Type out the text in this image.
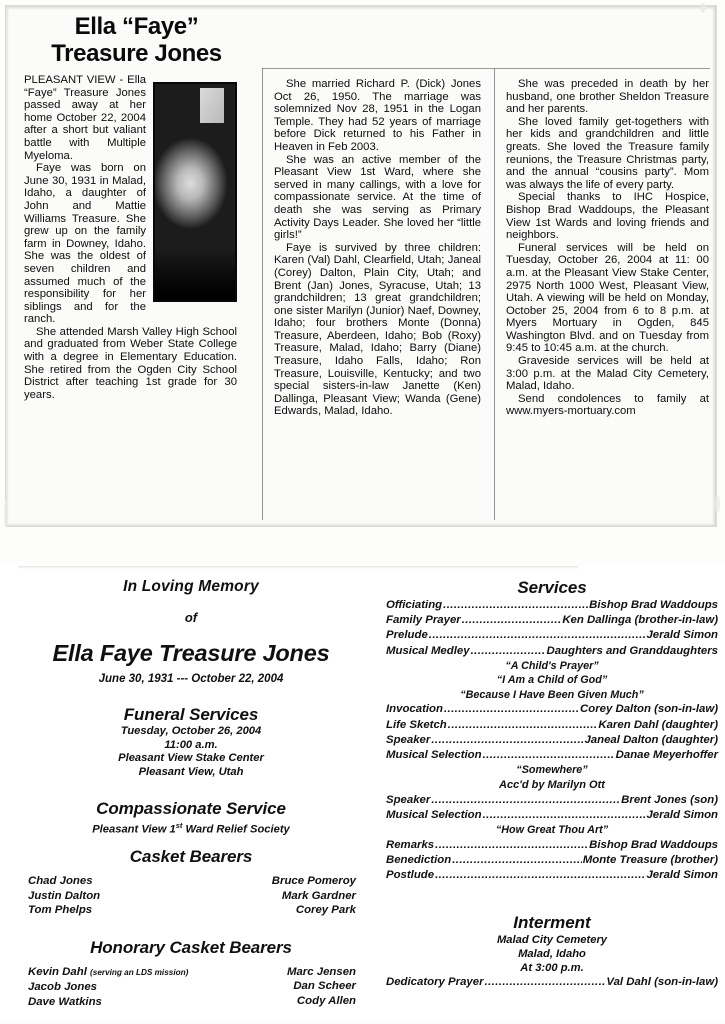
Ella “Faye”
Treasure Jones

PLEASANT VIEW - Ella “Faye” Treasure Jones passed away at her home October 22, 2004 after a short but valiant battle with Multiple Myeloma.

Faye was born on June 30, 1931 in Malad, Idaho, a daughter of John and Mattie Williams Treasure. She grew up on the family farm in Downey, Idaho. She was the oldest of seven children and assumed much of the responsibility for her siblings and for the ranch.

She attended Marsh Valley High School and graduated from Weber State College with a degree in Elementary Education. She retired from the Ogden City School District after teaching 1st grade for 30 years.

She married Richard P. (Dick) Jones Oct 26, 1950. The marriage was solemnized Nov 28, 1951 in the Logan Temple. They had 52 years of marriage before Dick returned to his Father in Heaven in Feb 2003.

She was an active member of the Pleasant View 1st Ward, where she served in many callings, with a love for compassionate service. At the time of death she was serving as Primary Activity Days Leader. She loved her “little girls!”

Faye is survived by three children: Karen (Val) Dahl, Clearfield, Utah; Janeal (Corey) Dalton, Plain City, Utah; and Brent (Jan) Jones, Syracuse, Utah; 13 grandchildren; 13 great grandchildren; one sister Marilyn (Junior) Naef, Downey, Idaho; four brothers Monte (Donna) Treasure, Aberdeen, Idaho; Bob (Roxy) Treasure, Malad, Idaho; Barry (Diane) Treasure, Idaho Falls, Idaho; Ron Treasure, Louisville, Kentucky; and two special sisters-in-law Janette (Ken) Dallinga, Pleasant View; Wanda (Gene) Edwards, Malad, Idaho.

She was preceded in death by her husband, one brother Sheldon Treasure and her parents.

She loved family get-togethers with her kids and grandchildren and little greats. She loved the Treasure family reunions, the Treasure Christmas party, and the annual “cousins party”. Mom was always the life of every party.

Special thanks to IHC Hospice, Bishop Brad Waddoups, the Pleasant View 1st Wards and loving friends and neighbors.

Funeral services will be held on Tuesday, October 26, 2004 at 11: 00 a.m. at the Pleasant View Stake Center, 2975 North 1000 West, Pleasant View, Utah. A viewing will be held on Monday, October 25, 2004 from 6 to 8 p.m. at Myers Mortuary in Ogden, 845 Washington Blvd. and on Tuesday from 9:45 to 10:45 a.m. at the church.

Graveside services will be held at 3:00 p.m. at the Malad City Cemetery, Malad, Idaho.

Send condolences to family at www.myers-mortuary.com

In Loving Memory
of
Ella Faye Treasure Jones
June 30, 1931 --- October 22, 2004
Funeral Services
Tuesday, October 26, 2004
11:00 a.m.
Pleasant View Stake Center
Pleasant View, Utah
Compassionate Service
Pleasant View 1st Ward Relief Society
Casket Bearers
Chad Jones
Justin Dalton
Tom Phelps
Bruce Pomeroy
Mark Gardner
Corey Park
Honorary Casket Bearers
Kevin Dahl (serving an LDS mission)
Jacob Jones
Dave Watkins
Marc Jensen
Dan Scheer
Cody Allen
Services
Officiating .....	Bishop Brad Waddoups
Family Prayer .....	Ken Dallinga (brother-in-law)
Prelude .....	Jerald Simon
Musical Medley .....	Daughters and Granddaughters
“A Child's Prayer”
“I Am a Child of God”
“Because I Have Been Given Much”
Invocation .....	Corey Dalton (son-in-law)
Life Sketch .....	Karen Dahl (daughter)
Speaker .....	Janeal Dalton (daughter)
Musical Selection .....	Danae Meyerhoffer
“Somewhere”
Acc'd by Marilyn Ott
Speaker .....	Brent Jones (son)
Musical Selection .....	Jerald Simon
“How Great Thou Art”
Remarks .....	Bishop Brad Waddoups
Benediction .....	Monte Treasure (brother)
Postlude .....	Jerald Simon
Interment
Malad City Cemetery
Malad, Idaho
At 3:00 p.m.
Dedicatory Prayer .....	Val Dahl (son-in-law)
